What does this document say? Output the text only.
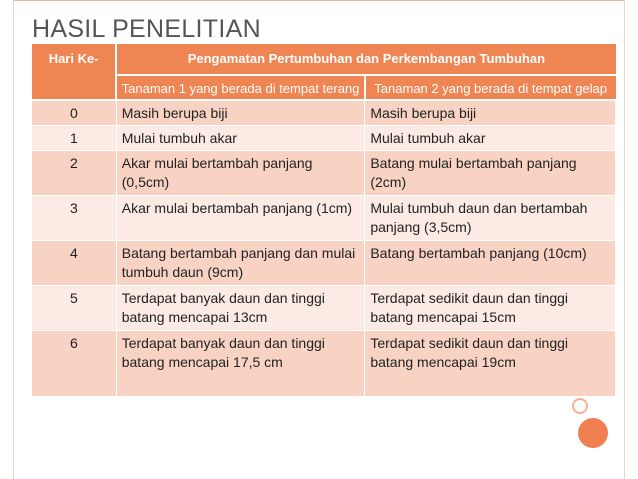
HASIL PENELITIAN
Hari Ke-	Pengamatan Pertumbuhan dan Perkembangan Tumbuhan	
	Tanaman 1 yang berada di tempat terang	Tanaman 2 yang berada di tempat gelap
0	Masih berupa biji	Masih berupa biji
1	Mulai tumbuh akar	Mulai tumbuh akar
2	Akar mulai bertambah panjang (0,5cm)	Batang mulai bertambah panjang (2cm)
3	Akar mulai bertambah panjang (1cm)	Mulai tumbuh daun dan bertambah panjang (3,5cm)
4	Batang bertambah panjang dan mulai tumbuh daun (9cm)	Batang bertambah panjang (10cm)
5	Terdapat banyak daun dan tinggi batang mencapai 13cm	Terdapat sedikit daun dan tinggi batang mencapai 15cm
6	Terdapat banyak daun dan tinggi batang mencapai 17,5 cm	Terdapat sedikit daun dan tinggi batang mencapai 19cm
